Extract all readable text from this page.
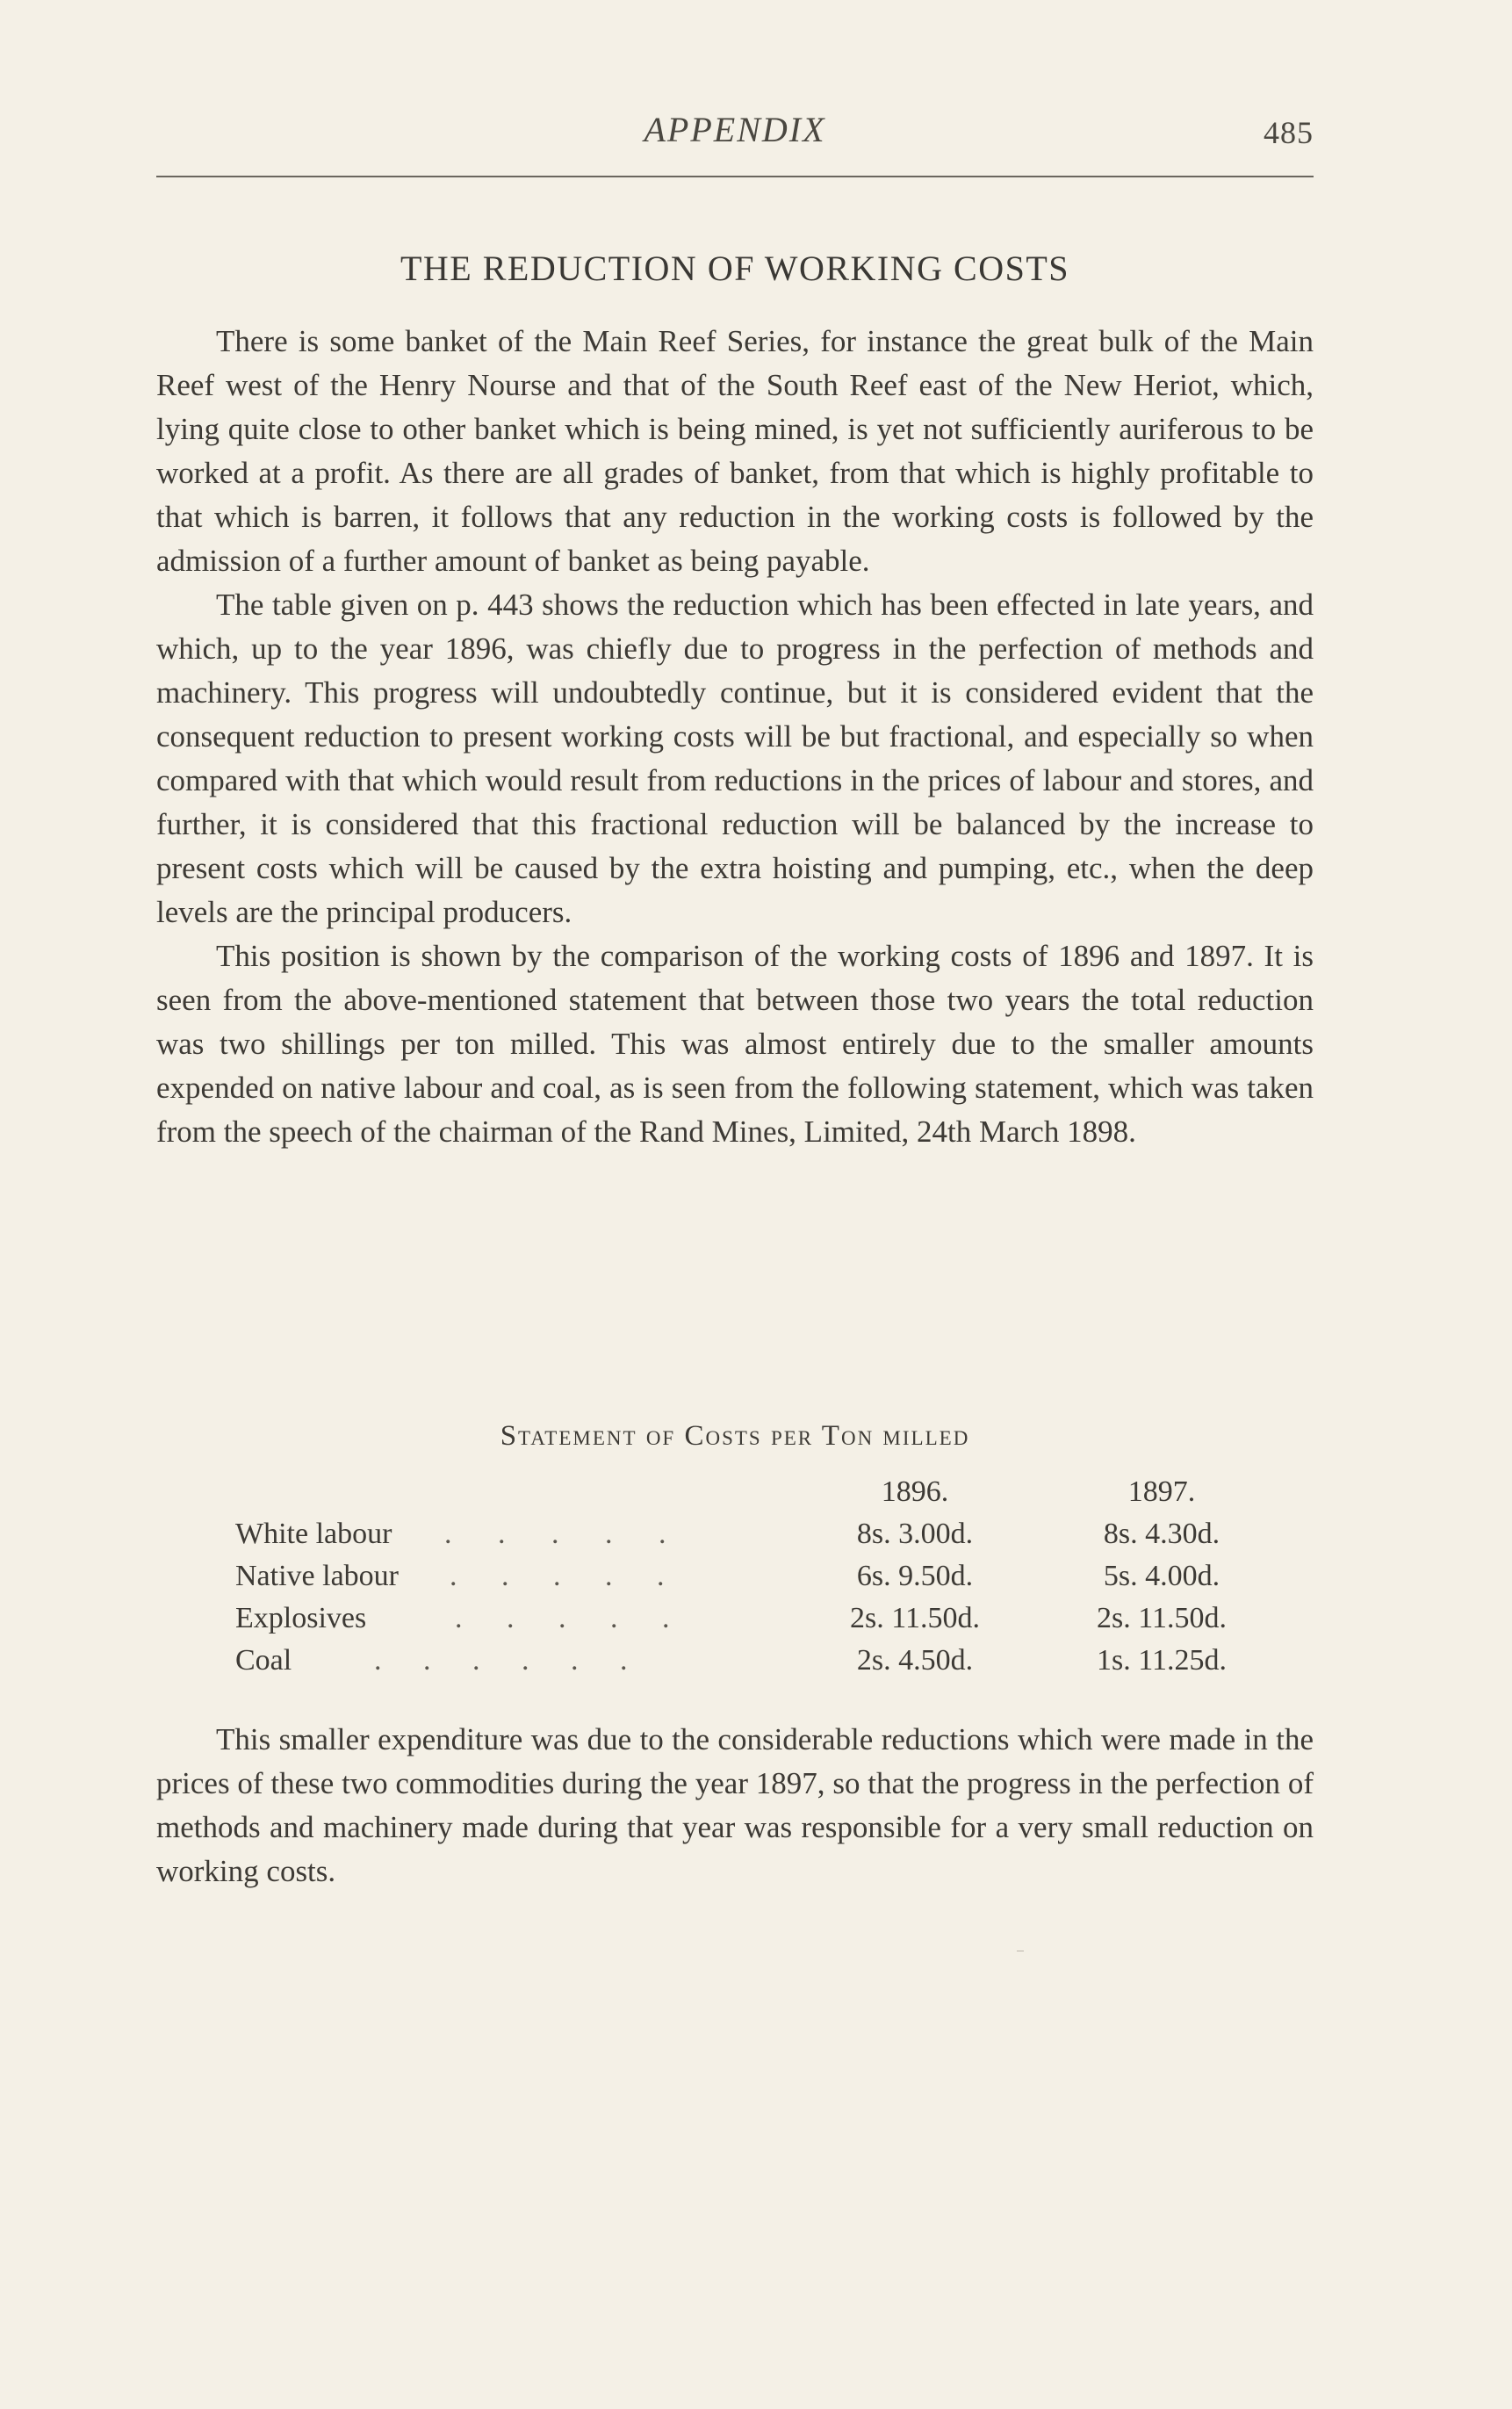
APPENDIX	485
THE REDUCTION OF WORKING COSTS

There is some banket of the Main Reef Series, for instance the great bulk of the Main Reef west of the Henry Nourse and that of the South Reef east of the New Heriot, which, lying quite close to other banket which is being mined, is yet not sufficiently auriferous to be worked at a profit. As there are all grades of banket, from that which is highly profitable to that which is barren, it follows that any reduction in the working costs is followed by the admission of a further amount of banket as being payable.

The table given on p. 443 shows the reduction which has been effected in late years, and which, up to the year 1896, was chiefly due to progress in the perfection of methods and machinery. This progress will undoubtedly continue, but it is considered evident that the consequent reduction to present working costs will be but fractional, and especially so when compared with that which would result from reductions in the prices of labour and stores, and further, it is considered that this fractional reduction will be balanced by the increase to present costs which will be caused by the extra hoisting and pumping, etc., when the deep levels are the principal producers.

This position is shown by the comparison of the working costs of 1896 and 1897. It is seen from the above-mentioned statement that between those two years the total reduction was two shillings per ton milled. This was almost entirely due to the smaller amounts expended on native labour and coal, as is seen from the following statement, which was taken from the speech of the chairman of the Rand Mines, Limited, 24th March 1898.

Statement of Costs per Ton milled
1896.	1897.
White labour . . . . .	8s. 3.00d.	8s. 4.30d.
Native labour . . . . .	6s. 9.50d.	5s. 4.00d.
Explosives	. . . . .	2s. 11.50d.	2s. 11.50d.
Coal	. . . . . .	2s. 4.50d.	1s. 11.25d.

This smaller expenditure was due to the considerable reductions which were made in the prices of these two commodities during the year 1897, so that the progress in the perfection of methods and machinery made during that year was responsible for a very small reduction on working costs.
